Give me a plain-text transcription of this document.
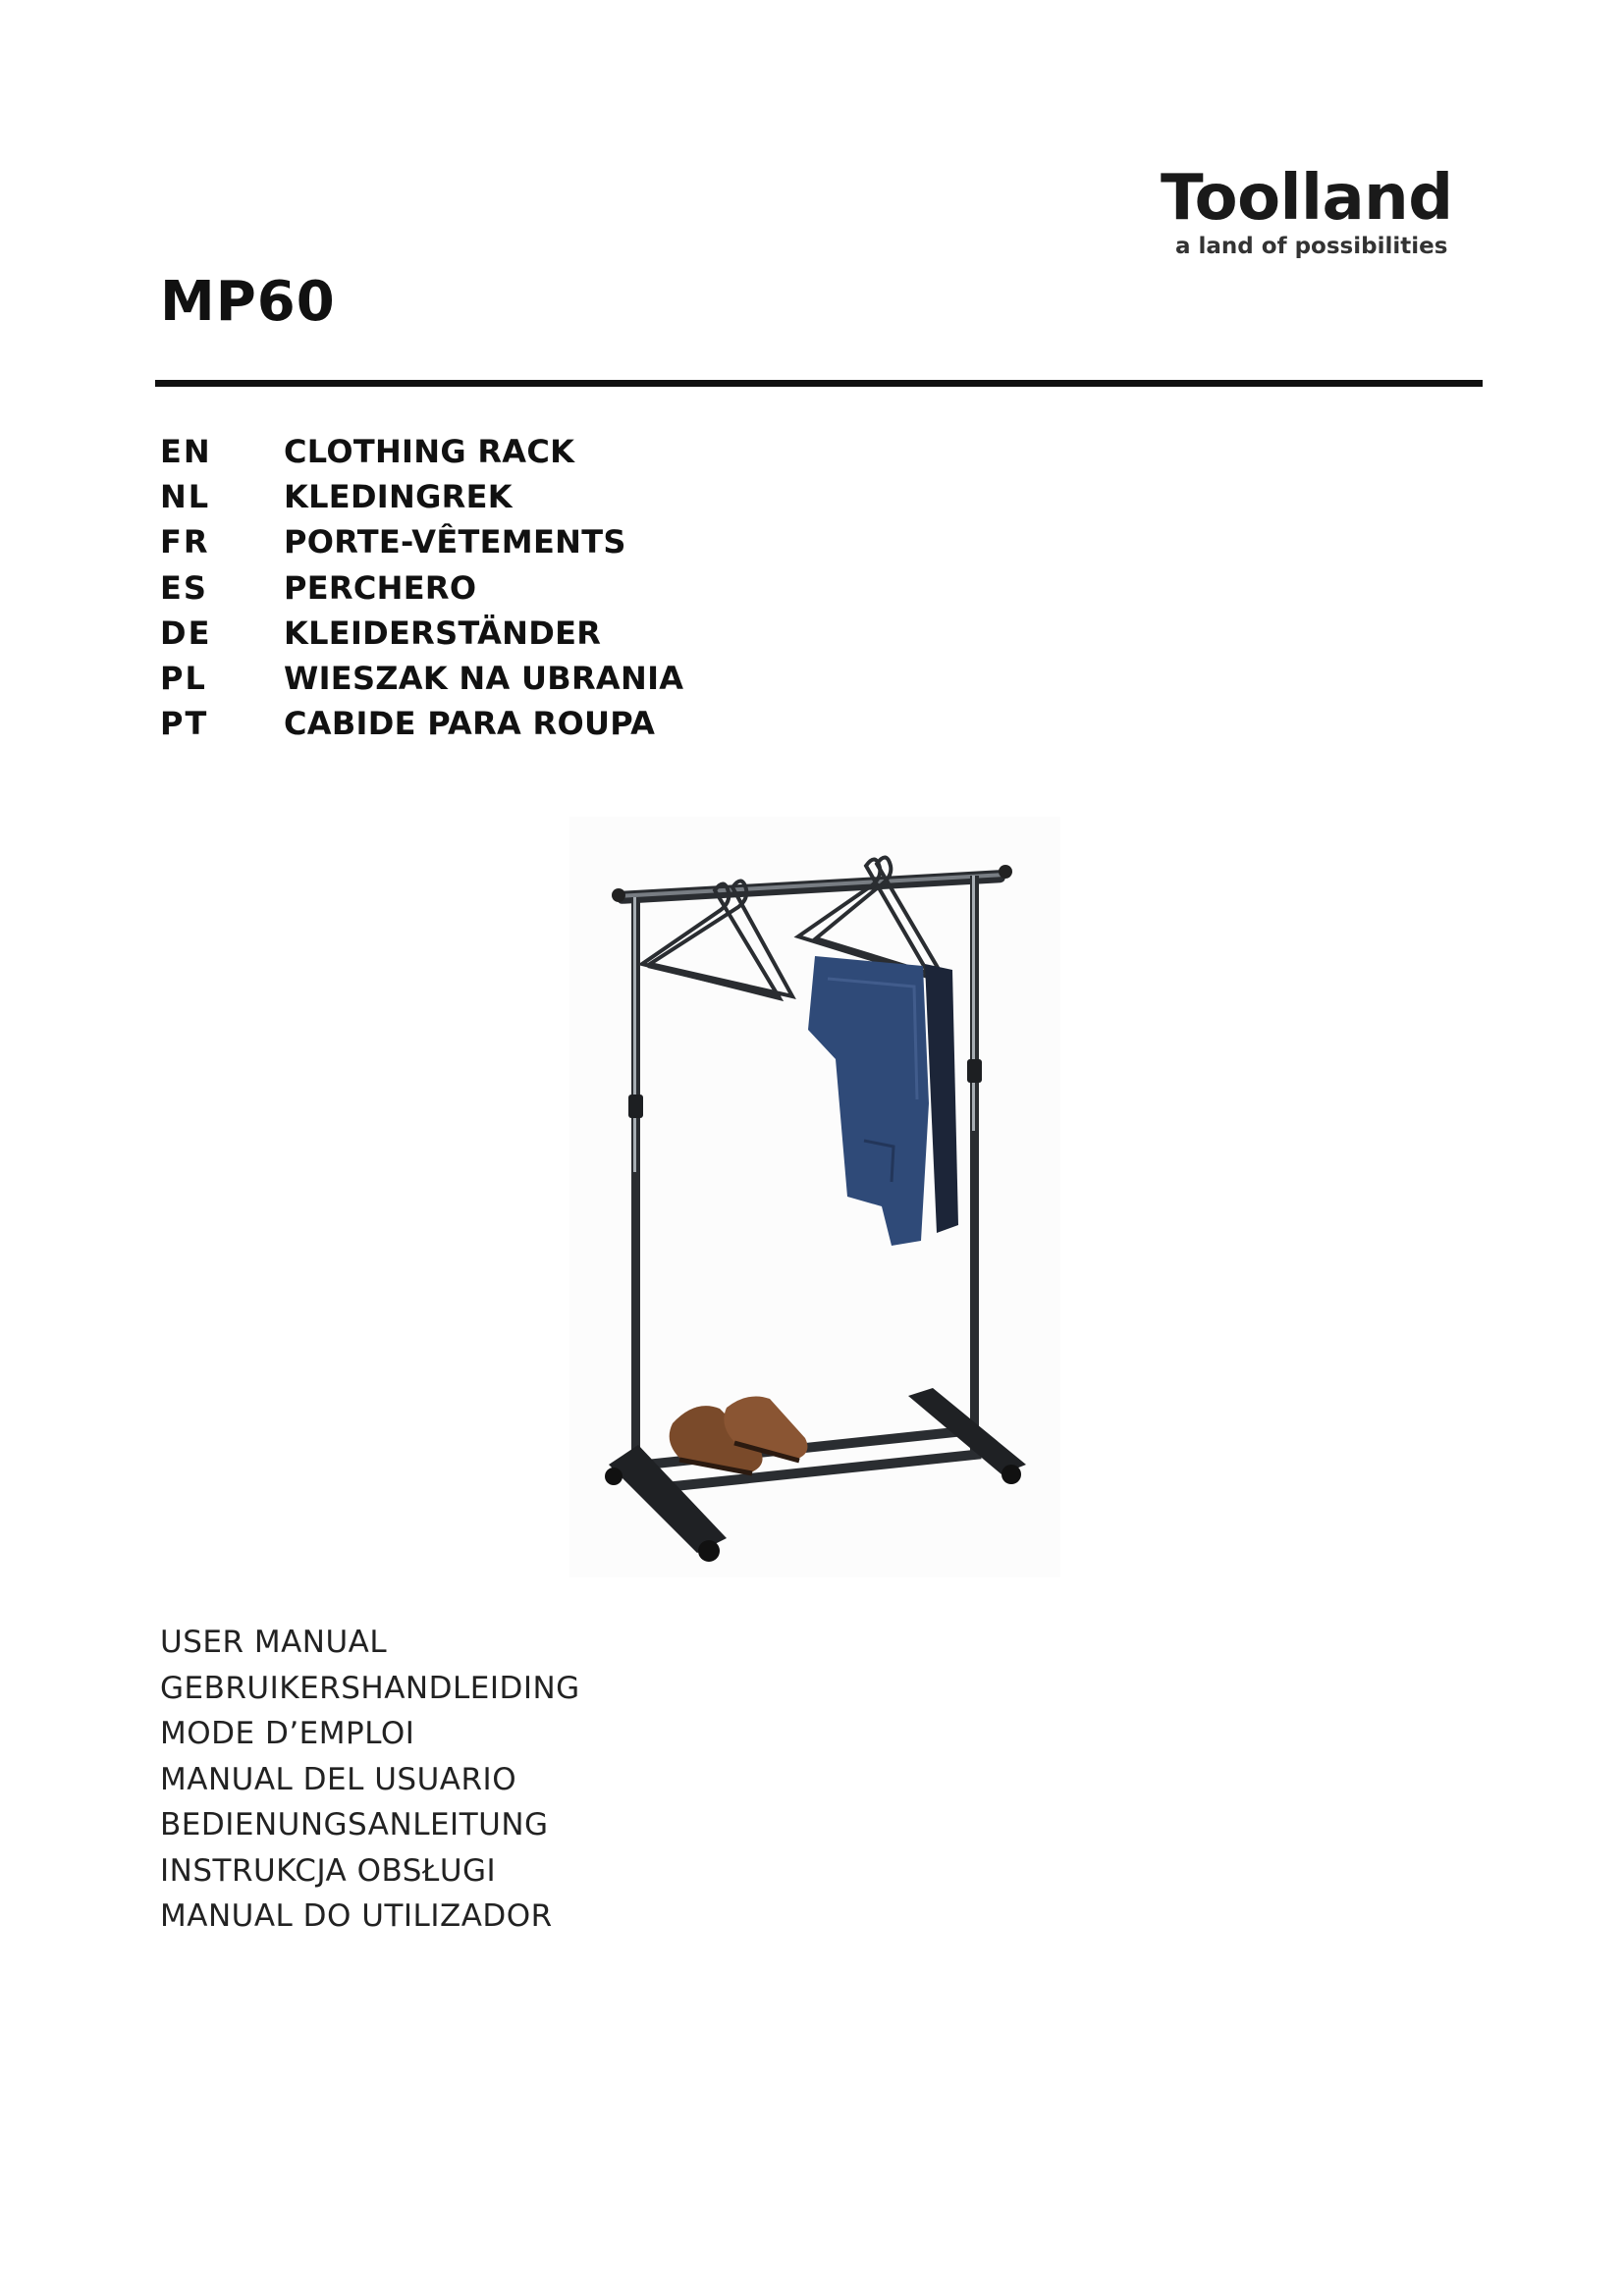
Toolland
a land of possibilities
MP60
EN	CLOTHING RACK
NL	KLEDINGREK
FR	PORTE-VÊTEMENTS
ES	PERCHERO
DE	KLEIDERSTÄNDER
PL	WIESZAK NA UBRANIA
PT	CABIDE PARA ROUPA
USER MANUAL
GEBRUIKERSHANDLEIDING
MODE D’EMPLOI
MANUAL DEL USUARIO
BEDIENUNGSANLEITUNG
INSTRUKCJA OBSŁUGI
MANUAL DO UTILIZADOR
